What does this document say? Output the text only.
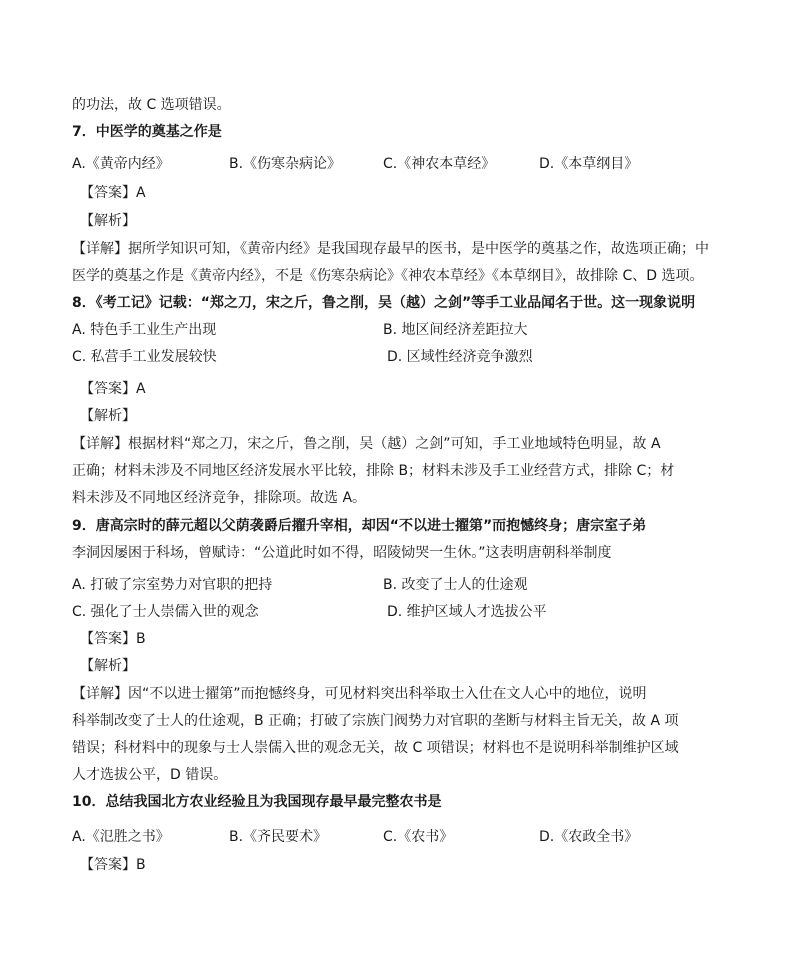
的功法，故 C 选项错误。
7．中医学的奠基之作是
A.《黄帝内经》	B.《伤寒杂病论》	C.《神农本草经》	D.《本草纲目》
【答案】A
【解析】
【详解】据所学知识可知，《黄帝内经》是我国现存最早的医书，是中医学的奠基之作，故选项正确；中
医学的奠基之作是《黄帝内经》，不是《伤寒杂病论》《神农本草经》《本草纲目》，故排除 C、D 选项。
8．《考工记》记载：“郑之刀，宋之斤，鲁之削，吴（越）之剑”等手工业品闻名于世。这一现象说明
A. 特色手工业生产出现	B. 地区间经济差距拉大
C. 私营手工业发展较快	D. 区域性经济竞争激烈
【答案】A
【解析】
【详解】根据材料“郑之刀，宋之斤，鲁之削，吴（越）之剑”可知，手工业地域特色明显，故 A
正确；材料未涉及不同地区经济发展水平比较，排除 B；材料未涉及手工业经营方式，排除 C；材
料未涉及不同地区经济竞争，排除项。故选 A。
9．唐高宗时的薛元超以父荫袭爵后擢升宰相，却因“不以进士擢第”而抱憾终身；唐宗室子弟
李洞因屡困于科场，曾赋诗：“公道此时如不得，昭陵恸哭一生休。”这表明唐朝科举制度
A. 打破了宗室势力对官职的把持	B. 改变了士人的仕途观
C. 强化了士人崇儒入世的观念	D. 维护区域人才选拔公平
【答案】B
【解析】
【详解】因“不以进士擢第”而抱憾终身，可见材料突出科举取士入仕在文人心中的地位，说明
科举制改变了士人的仕途观，B 正确；打破了宗族门阀势力对官职的垄断与材料主旨无关，故 A 项
错误；科材料中的现象与士人崇儒入世的观念无关，故 C 项错误；材料也不是说明科举制维护区域
人才选拔公平，D 错误。
10．总结我国北方农业经验且为我国现存最早最完整农书是
A.《氾胜之书》	B.《齐民要术》	C.《农书》	D.《农政全书》
【答案】B
